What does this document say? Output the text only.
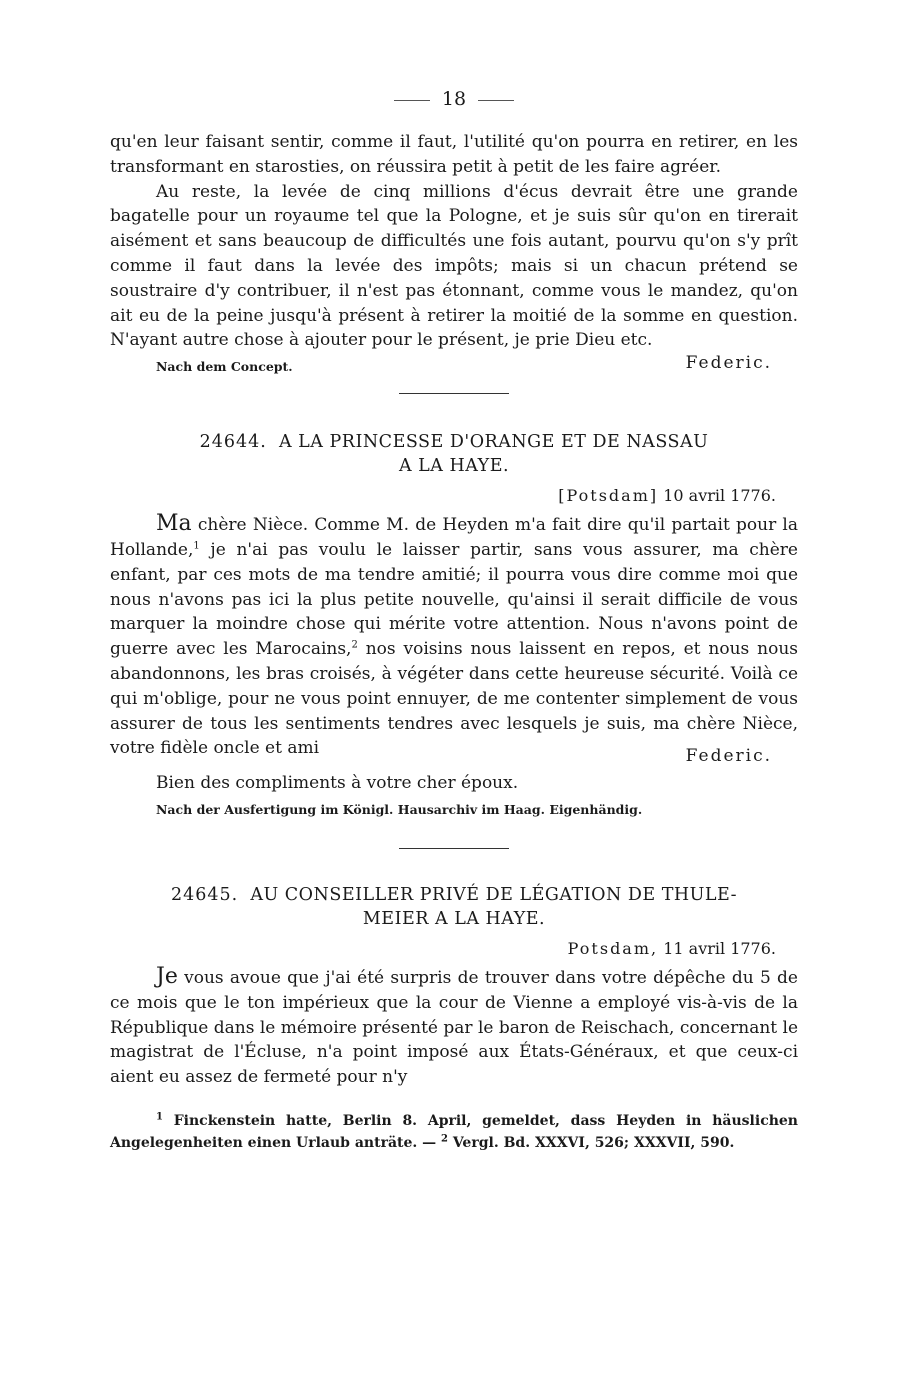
18

qu'en leur faisant sentir, comme il faut, l'utilité qu'on pourra en retirer, en les transformant en starosties, on réussira petit à petit de les faire agréer.

Au reste, la levée de cinq millions d'écus devrait être une grande bagatelle pour un royaume tel que la Pologne, et je suis sûr qu'on en tirerait aisément et sans beaucoup de difficultés une fois autant, pourvu qu'on s'y prît comme il faut dans la levée des impôts; mais si un chacun prétend se soustraire d'y contribuer, il n'est pas étonnant, comme vous le mandez, qu'on ait eu de la peine jusqu'à présent à retirer la moitié de la somme en question. N'ayant autre chose à ajouter pour le présent, je prie Dieu etc.

Nach dem Concept.	Federic.
24644. A LA PRINCESSE D'ORANGE ET DE NASSAU
A LA HAYE.
[Potsdam] 10 avril 1776.

Ma chère Nièce. Comme M. de Heyden m'a fait dire qu'il partait pour la Hollande,$^1$ je n'ai pas voulu le laisser partir, sans vous assurer, ma chère enfant, par ces mots de ma tendre amitié; il pourra vous dire comme moi que nous n'avons pas ici la plus petite nouvelle, qu'ainsi il serait difficile de vous marquer la moindre chose qui mérite votre attention. Nous n'avons point de guerre avec les Marocains,$^2$ nos voisins nous laissent en repos, et nous nous abandonnons, les bras croisés, à végéter dans cette heureuse sécurité. Voilà ce qui m'oblige, pour ne vous point ennuyer, de me contenter simplement de vous assurer de tous les sentiments tendres avec lesquels je suis, ma chère Nièce, votre fidèle oncle et ami	Federic.

Bien des compliments à votre cher époux.

Nach der Ausfertigung im Königl. Hausarchiv im Haag. Eigenhändig.

24645. AU CONSEILLER PRIVÉ DE LÉGATION DE THULE-
MEIER A LA HAYE.
Potsdam, 11 avril 1776.

Je vous avoue que j'ai été surpris de trouver dans votre dépêche du 5 de ce mois que le ton impérieux que la cour de Vienne a employé vis-à-vis de la République dans le mémoire présenté par le baron de Reischach, concernant le magistrat de l'Écluse, n'a point imposé aux États-Généraux, et que ceux-ci aient eu assez de fermeté pour n'y

$^1$ Finckenstein hatte, Berlin 8. April, gemeldet, dass Heyden in häuslichen Angelegenheiten einen Urlaub anträte. — $^2$ Vergl. Bd. XXXVI, 526; XXXVII, 590.
